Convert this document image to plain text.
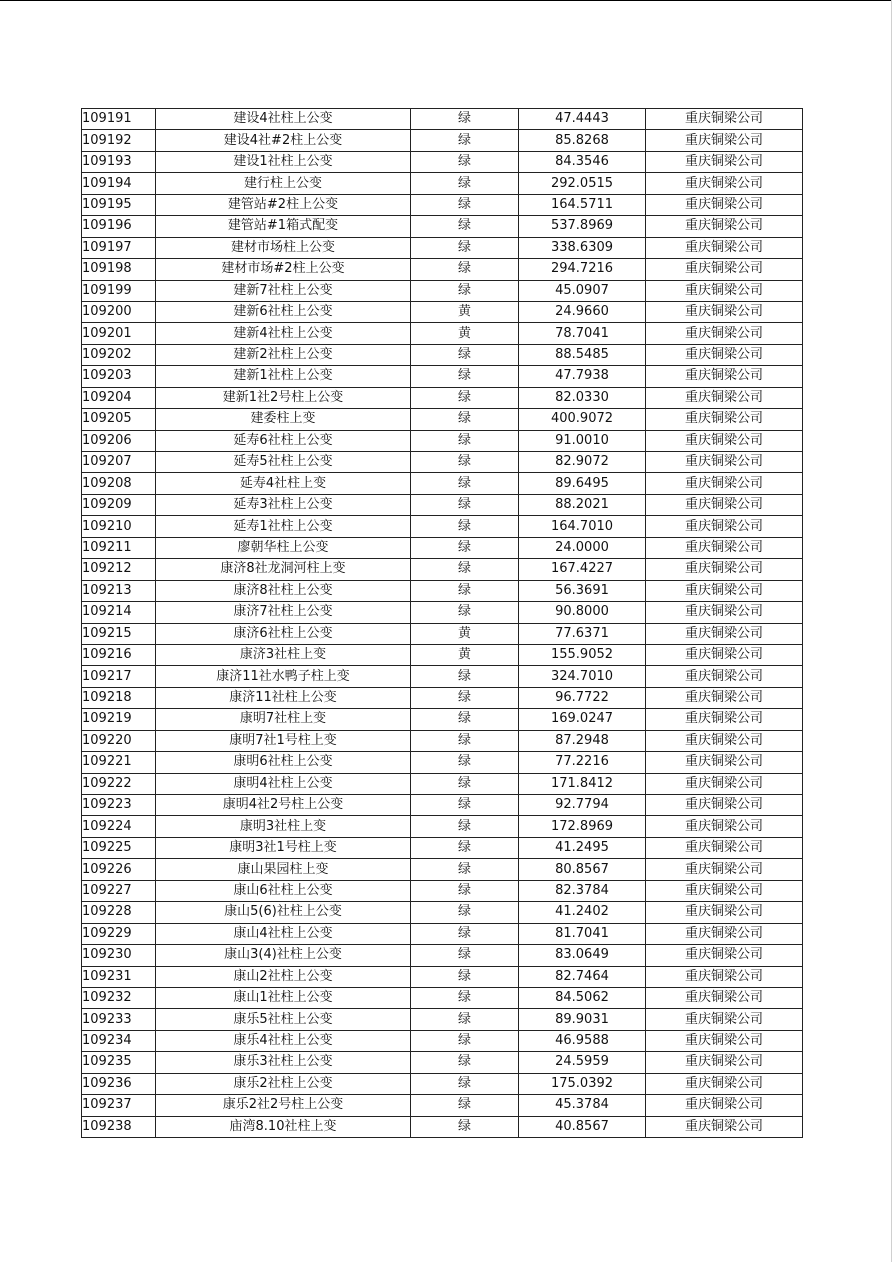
109191	建设4社柱上公变	绿	47.4443	重庆铜梁公司
109192	建设4社#2柱上公变	绿	85.8268	重庆铜梁公司
109193	建设1社柱上公变	绿	84.3546	重庆铜梁公司
109194	建行柱上公变	绿	292.0515	重庆铜梁公司
109195	建管站#2柱上公变	绿	164.5711	重庆铜梁公司
109196	建管站#1箱式配变	绿	537.8969	重庆铜梁公司
109197	建材市场柱上公变	绿	338.6309	重庆铜梁公司
109198	建材市场#2柱上公变	绿	294.7216	重庆铜梁公司
109199	建新7社柱上公变	绿	45.0907	重庆铜梁公司
109200	建新6社柱上公变	黄	24.9660	重庆铜梁公司
109201	建新4社柱上公变	黄	78.7041	重庆铜梁公司
109202	建新2社柱上公变	绿	88.5485	重庆铜梁公司
109203	建新1社柱上公变	绿	47.7938	重庆铜梁公司
109204	建新1社2号柱上公变	绿	82.0330	重庆铜梁公司
109205	建委柱上变	绿	400.9072	重庆铜梁公司
109206	延寿6社柱上公变	绿	91.0010	重庆铜梁公司
109207	延寿5社柱上公变	绿	82.9072	重庆铜梁公司
109208	延寿4社柱上变	绿	89.6495	重庆铜梁公司
109209	延寿3社柱上公变	绿	88.2021	重庆铜梁公司
109210	延寿1社柱上公变	绿	164.7010	重庆铜梁公司
109211	廖朝华柱上公变	绿	24.0000	重庆铜梁公司
109212	康济8社龙洞河柱上变	绿	167.4227	重庆铜梁公司
109213	康济8社柱上公变	绿	56.3691	重庆铜梁公司
109214	康济7社柱上公变	绿	90.8000	重庆铜梁公司
109215	康济6社柱上公变	黄	77.6371	重庆铜梁公司
109216	康济3社柱上变	黄	155.9052	重庆铜梁公司
109217	康济11社水鸭子柱上变	绿	324.7010	重庆铜梁公司
109218	康济11社柱上公变	绿	96.7722	重庆铜梁公司
109219	康明7社柱上变	绿	169.0247	重庆铜梁公司
109220	康明7社1号柱上变	绿	87.2948	重庆铜梁公司
109221	康明6社柱上公变	绿	77.2216	重庆铜梁公司
109222	康明4社柱上公变	绿	171.8412	重庆铜梁公司
109223	康明4社2号柱上公变	绿	92.7794	重庆铜梁公司
109224	康明3社柱上变	绿	172.8969	重庆铜梁公司
109225	康明3社1号柱上变	绿	41.2495	重庆铜梁公司
109226	康山果园柱上变	绿	80.8567	重庆铜梁公司
109227	康山6社柱上公变	绿	82.3784	重庆铜梁公司
109228	康山5(6)社柱上公变	绿	41.2402	重庆铜梁公司
109229	康山4社柱上公变	绿	81.7041	重庆铜梁公司
109230	康山3(4)社柱上公变	绿	83.0649	重庆铜梁公司
109231	康山2社柱上公变	绿	82.7464	重庆铜梁公司
109232	康山1社柱上公变	绿	84.5062	重庆铜梁公司
109233	康乐5社柱上公变	绿	89.9031	重庆铜梁公司
109234	康乐4社柱上公变	绿	46.9588	重庆铜梁公司
109235	康乐3社柱上公变	绿	24.5959	重庆铜梁公司
109236	康乐2社柱上公变	绿	175.0392	重庆铜梁公司
109237	康乐2社2号柱上公变	绿	45.3784	重庆铜梁公司
109238	庙湾8.10社柱上变	绿	40.8567	重庆铜梁公司
